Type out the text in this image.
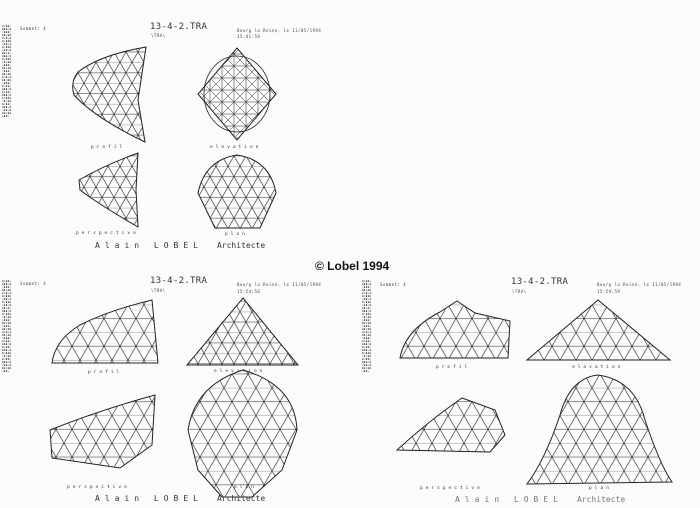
▮▯▮▮▯▮▮▮▯▮▯▮▮▮▯▮▮▯▮▮▮▯▮▯▮▮▯▮▮▮▯▮▮▯▮▮▯▮▮▮▯▮▮▯▮▮▮▯▮▯▮▮▮▯▮▮▯▮▮▮▯▮▯▮▮▯▮▮▮▯▮▮▯▮▮▯▮▮▮▯▮▮▯▮▮▮▯▮▯▮▮▮▯▮▮▯▮▮▮▯▮▯▮▮▯▮▮▮▯▮▮▯▮▮▯▮▮▮▯▮▮▯▮▮▮▯▮▯▮▮▮▯▮▮▯▮▮▮▯▮▯▮▮▯▮▮▮▯▮▮▯▮▮▯
▮▯▮▮▯▮▮▮▯▮▯▮▮▮▯▮▮▯▮▮▮▯▮▯▮▮▯▮▮▮▯▮▮▯▮▮▯▮▮▮▯▮▮▯▮▮▮▯▮▯▮▮▮▯▮▮▯▮▮▮▯▮▯▮▮▯▮▮▮▯▮▮▯▮▮▯▮▮▮▯▮▮▯▮▮▮▯▮▯▮▮▮▯▮▮▯▮▮▮▯▮▯▮▮▯▮▮▮▯▮▮▯▮▮▯▮▮▮▯▮▮▯▮▮▮▯▮▯▮▮▮▯▮▮▯▮▮▮▯▮▯▮▮▯▮▮▮▯▮▮▯▮▮▯
▮▯▮▮▯▮▮▮▯▮▯▮▮▮▯▮▮▯▮▮▮▯▮▯▮▮▯▮▮▮▯▮▮▯▮▮▯▮▮▮▯▮▮▯▮▮▮▯▮▯▮▮▮▯▮▮▯▮▮▮▯▮▯▮▮▯▮▮▮▯▮▮▯▮▮▯▮▮▮▯▮▮▯▮▮▮▯▮▯▮▮▮▯▮▮▯▮▮▮▯▮▯▮▮▯▮▮▮▯▮▮▯▮▮▯▮▮▮▯▮▮▯▮▮▮▯▮▯▮▮▮▯▮▮▯▮▮▮▯▮▯▮▮▯▮▮▮▯▮▮▯▮▮▯
Sommet: 4	13-4-2.TRA
\TRA\
Bourg la Reine, le 11/05/1994
15:41:59
profil	elevation
perspective	plan
Alain LOBEL Architecte
© Lobel 1994
Sommet: 4	13-4-2.TRA
\TRA\
Bourg la Reine, le 11/05/1994
15:54:56
profil	elevation
perspective	plan
Alain LOBEL Architecte
Sommet: 4	13-4-2.TRA
\TRA\
Bourg la Reine, le 11/05/1994
15:59:59
profil	elevation
perspective	plan
Alain LOBEL Architecte
